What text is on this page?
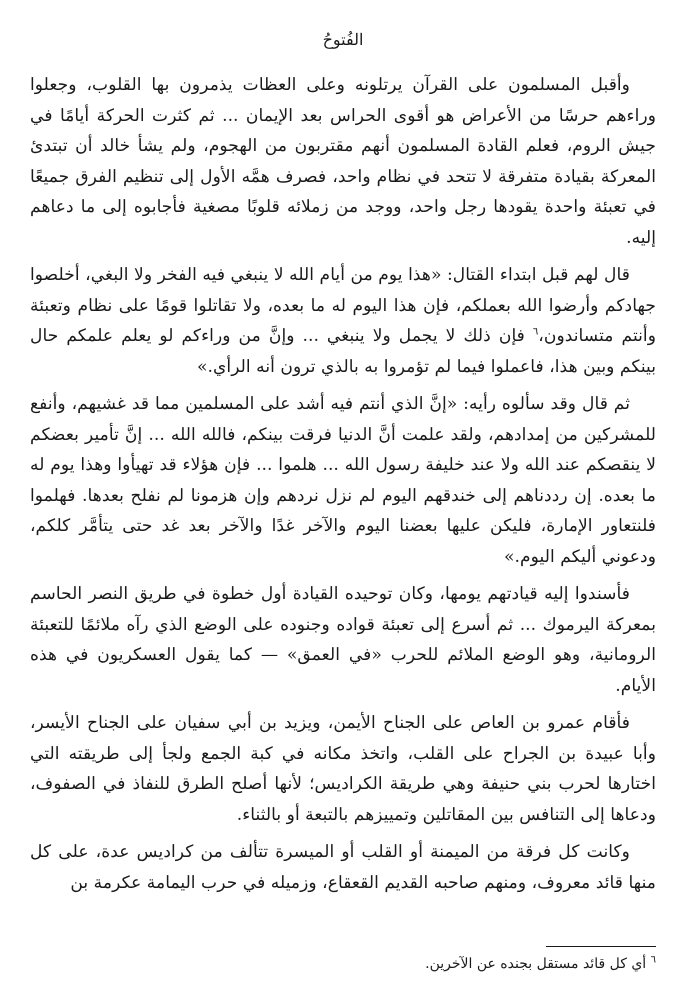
الفُتوحُ

وأقبل المسلمون على القرآن يرتلونه وعلى العظات يذمرون بها القلوب، وجعلوا وراءهم حرسًا من الأعراض هو أقوى الحراس بعد الإيمان ... ثم كثرت الحركة أيامًا في جيش الروم، فعلم القادة المسلمون أنهم مقتربون من الهجوم، ولم يشأ خالد أن تبتدئ المعركة بقيادة متفرقة لا تتحد في نظام واحد، فصرف همَّه الأول إلى تنظيم الفرق جميعًا في تعبئة واحدة يقودها رجل واحد، ووجد من زملائه قلوبًا مصغية فأجابوه إلى ما دعاهم إليه.

قال لهم قبل ابتداء القتال: «هذا يوم من أيام الله لا ينبغي فيه الفخر ولا البغي، أخلصوا جهادكم وأرضوا الله بعملكم، فإن هذا اليوم له ما بعده، ولا تقاتلوا قومًا على نظام وتعبئة وأنتم متساندون،$^٦$ فإن ذلك لا يجمل ولا ينبغي ... وإنَّ من وراءكم لو يعلم علمكم حال بينكم وبين هذا، فاعملوا فيما لم تؤمروا به بالذي ترون أنه الرأي.»

ثم قال وقد سألوه رأيه: «إنَّ الذي أنتم فيه أشد على المسلمين مما قد غشيهم، وأنفع للمشركين من إمدادهم، ولقد علمت أنَّ الدنيا فرقت بينكم، فالله الله ... إنَّ تأمير بعضكم لا ينقصكم عند الله ولا عند خليفة رسول الله ... هلموا ... فإن هؤلاء قد تهيأوا وهذا يوم له ما بعده. إن رددناهم إلى خندقهم اليوم لم نزل نردهم وإن هزمونا لم نفلح بعدها. فهلموا فلنتعاور الإمارة، فليكن عليها بعضنا اليوم والآخر غدًا والآخر بعد غد حتى يتأمَّر كلكم، ودعوني أليكم اليوم.»

فأسندوا إليه قيادتهم يومها، وكان توحيده القيادة أول خطوة في طريق النصر الحاسم بمعركة اليرموك ... ثم أسرع إلى تعبئة قواده وجنوده على الوضع الذي رآه ملائمًا للتعبئة الرومانية، وهو الوضع الملائم للحرب «في العمق» — كما يقول العسكريون في هذه الأيام.

فأقام عمرو بن العاص على الجناح الأيمن، ويزيد بن أبي سفيان على الجناح الأيسر، وأبا عبيدة بن الجراح على القلب، واتخذ مكانه في كبة الجمع ولجأ إلى طريقته التي اختارها لحرب بني حنيفة وهي طريقة الكراديس؛ لأنها أصلح الطرق للنفاذ في الصفوف، ودعاها إلى التنافس بين المقاتلين وتمييزهم بالتبعة أو بالثناء.

وكانت كل فرقة من الميمنة أو القلب أو الميسرة تتألف من كراديس عدة، على كل منها قائد معروف، ومنهم صاحبه القديم القعقاع، وزميله في حرب اليمامة عكرمة بن

$^٦$ أي كل قائد مستقل بجنده عن الآخرين.
